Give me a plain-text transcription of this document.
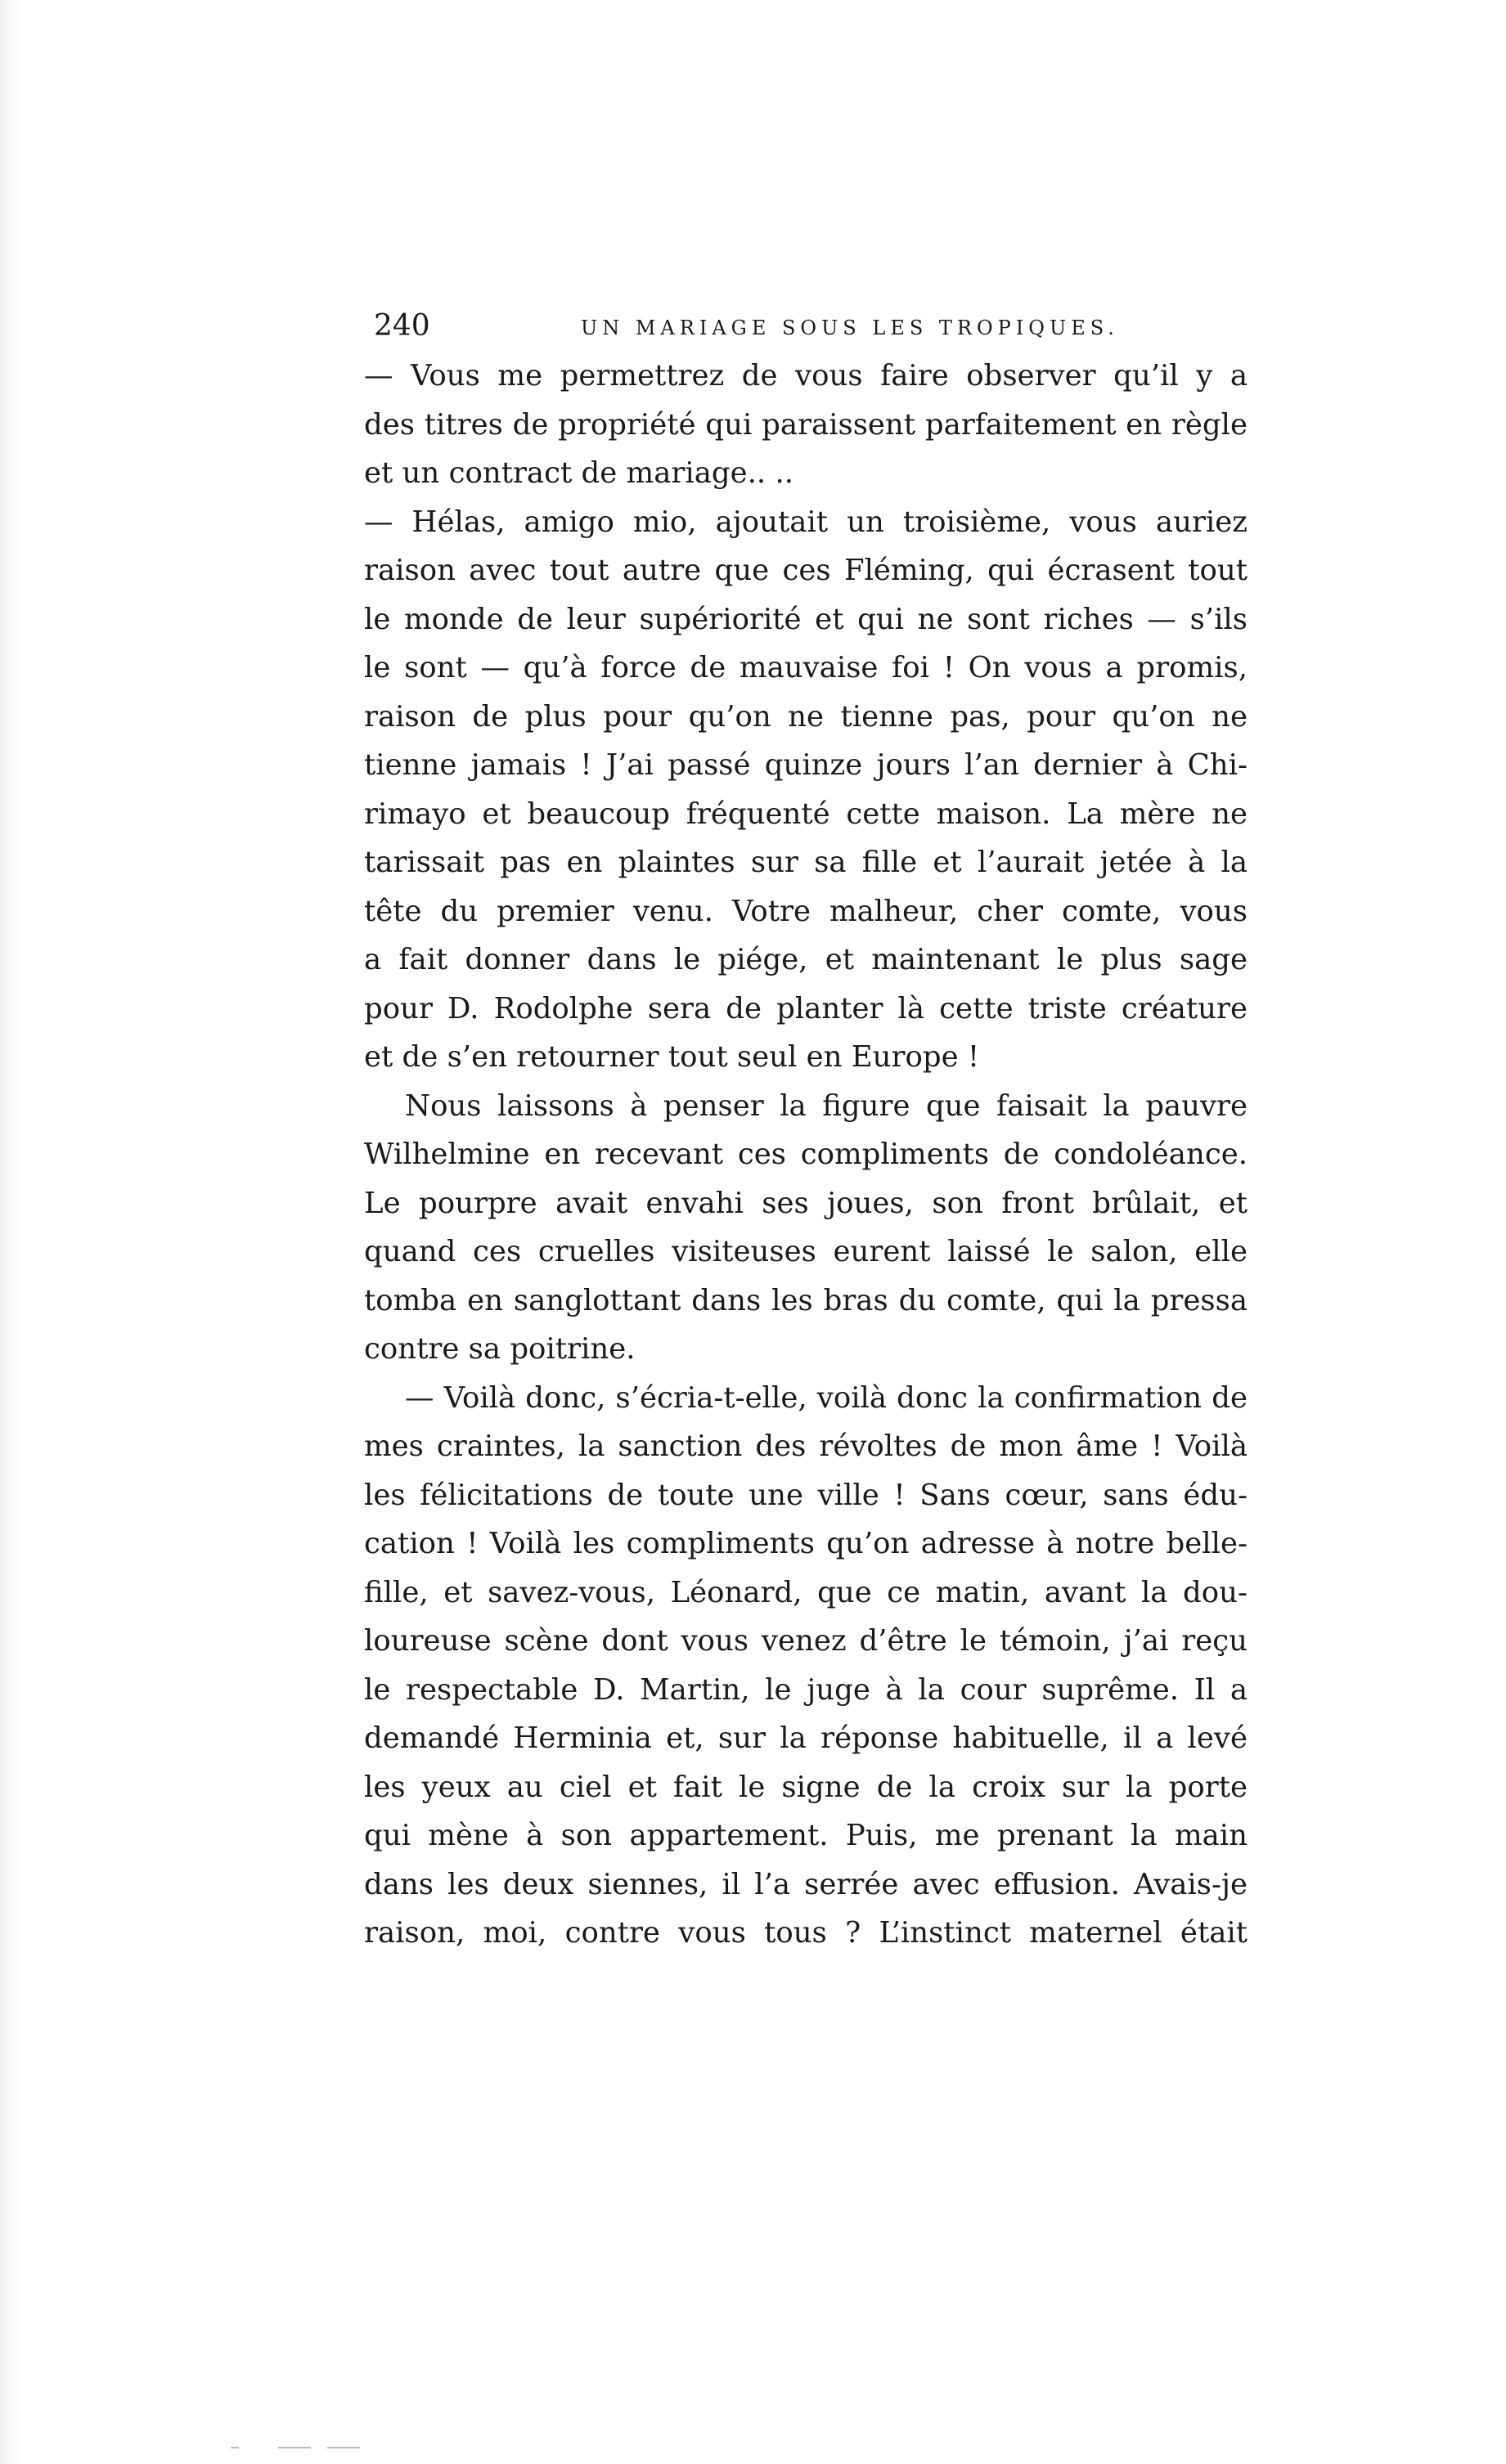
240	UN MARIAGE SOUS LES TROPIQUES.

— Vous me permettrez de vous faire observer qu’il y a

des titres de propriété qui paraissent parfaitement en règle

et un contract de mariage.. ..

— Hélas, amigo mio, ajoutait un troisième, vous auriez

raison avec tout autre que ces Fléming, qui écrasent tout

le monde de leur supériorité et qui ne sont riches — s’ils

le sont — qu’à force de mauvaise foi ! On vous a promis,

raison de plus pour qu’on ne tienne pas, pour qu’on ne

tienne jamais ! J’ai passé quinze jours l’an dernier à Chi-

rimayo et beaucoup fréquenté cette maison. La mère ne

tarissait pas en plaintes sur sa fille et l’aurait jetée à la

tête du premier venu. Votre malheur, cher comte, vous

a fait donner dans le piége, et maintenant le plus sage

pour D. Rodolphe sera de planter là cette triste créature

et de s’en retourner tout seul en Europe !

Nous laissons à penser la figure que faisait la pauvre

Wilhelmine en recevant ces compliments de condoléance.

Le pourpre avait envahi ses joues, son front brûlait, et

quand ces cruelles visiteuses eurent laissé le salon, elle

tomba en sanglottant dans les bras du comte, qui la pressa

contre sa poitrine.

— Voilà donc, s’écria-t-elle, voilà donc la confirmation de

mes craintes, la sanction des révoltes de mon âme ! Voilà

les félicitations de toute une ville ! Sans cœur, sans édu-

cation ! Voilà les compliments qu’on adresse à notre belle-

fille, et savez-vous, Léonard, que ce matin, avant la dou-

loureuse scène dont vous venez d’être le témoin, j’ai reçu

le respectable D. Martin, le juge à la cour suprême. Il a

demandé Herminia et, sur la réponse habituelle, il a levé

les yeux au ciel et fait le signe de la croix sur la porte

qui mène à son appartement. Puis, me prenant la main

dans les deux siennes, il l’a serrée avec effusion. Avais-je

raison, moi, contre vous tous ? L’instinct maternel était
